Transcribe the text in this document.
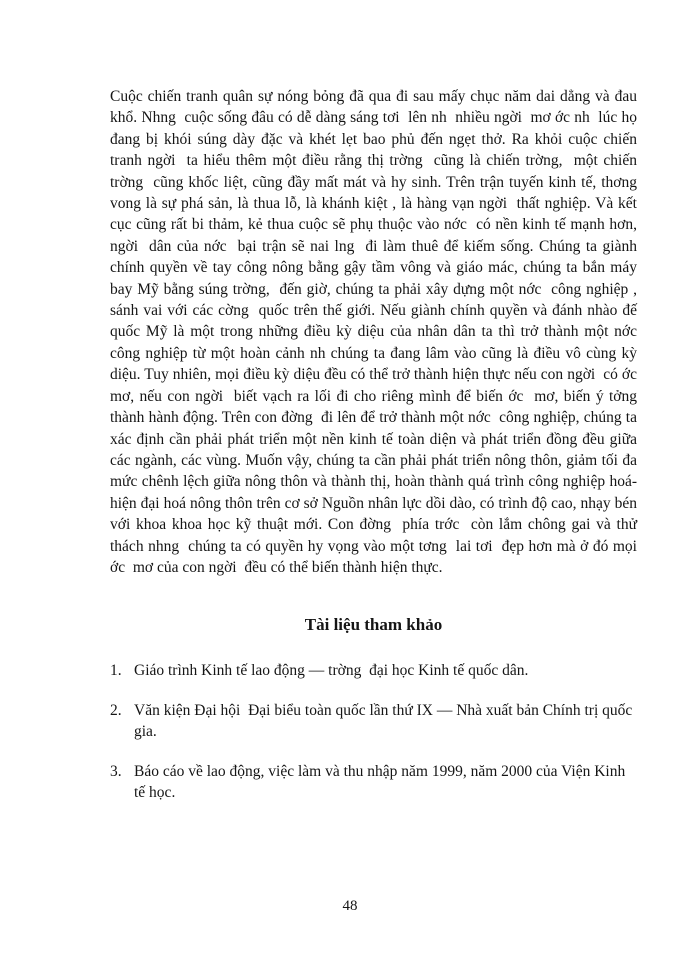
Cuộc chiến tranh quân sự nóng bỏng đã qua đi sau mấy chục năm dai dẳng và đau khổ. Nhng  cuộc sống đâu có dễ dàng sáng tơi  lên nh  nhiều ngời  mơ ớc nh  lúc họ đang bị khói súng dày đặc và khét lẹt bao phủ đến ngẹt thở. Ra khỏi cuộc chiến tranh ngời  ta hiểu thêm một điều rằng thị trờng  cũng là chiến trờng,  một chiến trờng  cũng khốc liệt, cũng đầy mất mát và hy sinh. Trên trận tuyến kinh tế, thơng  vong là sự phá sản, là thua lỗ, là khánh kiệt , là hàng vạn ngời  thất nghiệp. Và kết cục cũng rất bi thảm, kẻ thua cuộc sẽ phụ thuộc vào nớc  có nền kinh tế mạnh hơn, ngời  dân của nớc  bại trận sẽ nai lng  đi làm thuê để kiếm sống. Chúng ta giành chính quyền về tay công nông bằng gậy tầm vông và giáo mác, chúng ta bắn máy bay Mỹ bằng súng trờng,  đến giờ, chúng ta phải xây dựng một nớc  công nghiệp , sánh vai với các cờng  quốc trên thế giới. Nếu giành chính quyền và đánh nhào đế quốc Mỹ là một trong những điều kỳ diệu của nhân dân ta thì trở thành một nớc  công nghiệp từ một hoàn cảnh nh chúng ta đang lâm vào cũng là điều vô cùng kỳ diệu. Tuy nhiên, mọi điều kỳ diệu đều có thể trở thành hiện thực nếu con ngời  có ớc  mơ, nếu con ngời  biết vạch ra lối đi cho riêng mình để biến ớc  mơ, biến ý tởng  thành hành động. Trên con đờng  đi lên để trở thành một nớc  công nghiệp, chúng ta xác định cần phải phát triển một nền kinh tế toàn diện và phát triển đồng đều giữa các ngành, các vùng. Muốn vậy, chúng ta cần phải phát triển nông thôn, giảm tối đa mức chênh lệch giữa nông thôn và thành thị, hoàn thành quá trình công nghiệp hoá-hiện đại hoá nông thôn trên cơ sở Nguồn nhân lực dồi dào, có trình độ cao, nhạy bén với khoa khoa học kỹ thuật mới. Con đờng  phía trớc  còn lắm chông gai và thử thách nhng  chúng ta có quyền hy vọng vào một tơng  lai tơi  đẹp hơn mà ở đó mọi ớc  mơ của con ngời  đều có thể biến thành hiện thực.

Tài liệu tham khảo
1. Giáo trình Kinh tế lao động — trờng  đại học Kinh tế quốc dân.
2. Văn kiện Đại hội  Đại biểu toàn quốc lần thứ IX — Nhà xuất bản Chính trị quốc gia.
3. Báo cáo về lao động, việc làm và thu nhập năm 1999, năm 2000 của Viện Kinh tế học.
48
